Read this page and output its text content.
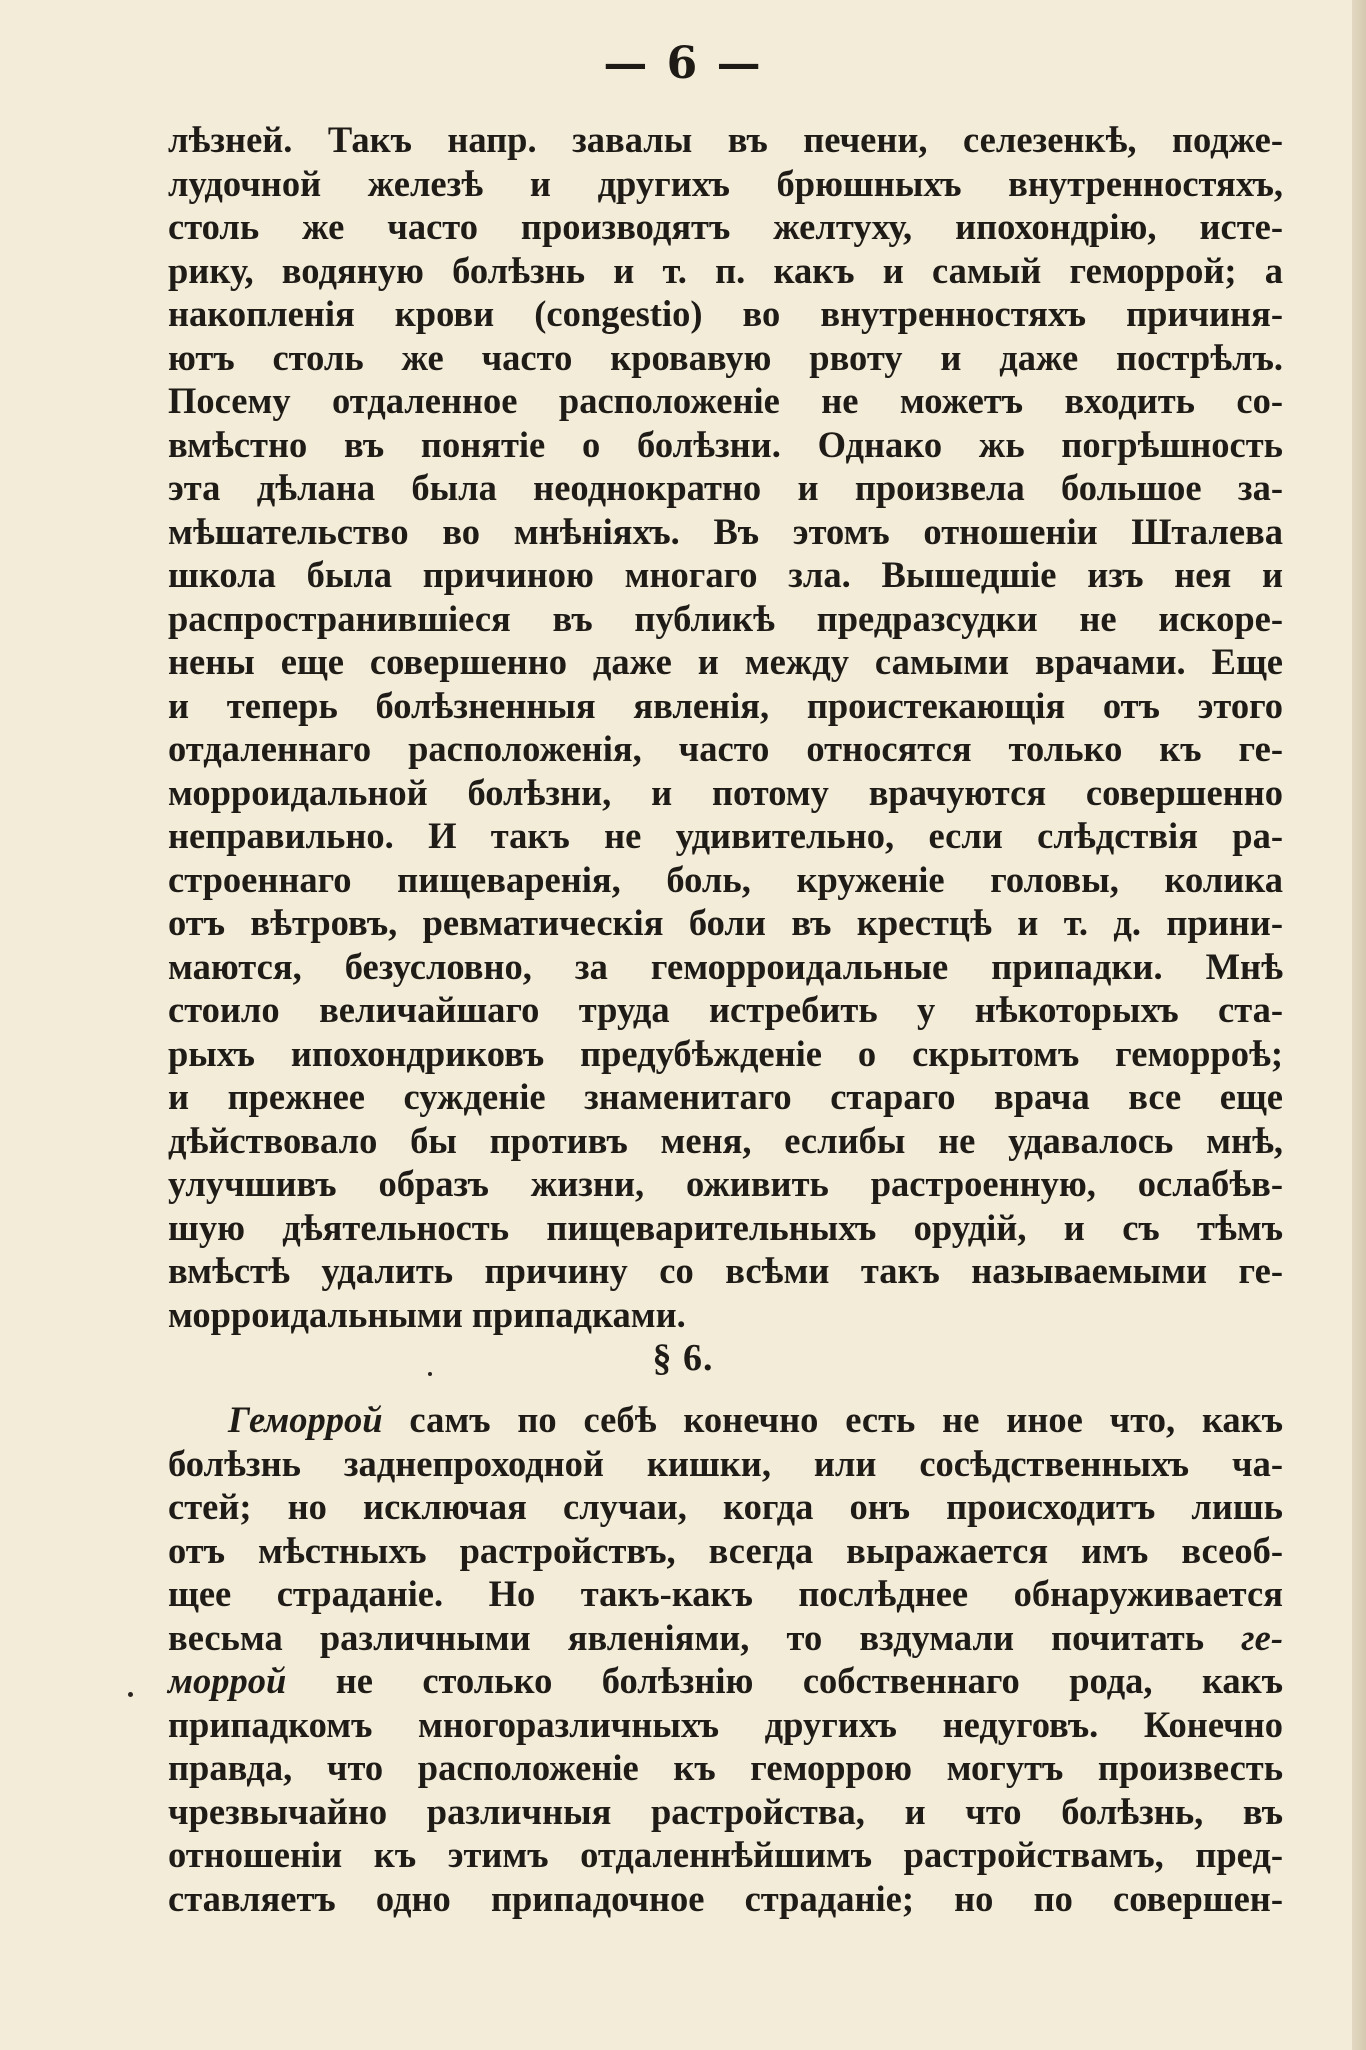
— 6 —
лѣзней. Такъ напр. завалы въ печени, селезенкѣ, подже-
лудочной железѣ и другихъ брюшныхъ внутренностяхъ,
столь же часто производятъ желтуху, ипохондрію, исте-
рику, водяную болѣзнь и т. п. какъ и самый геморрой; а
накопленія крови (congestio) во внутренностяхъ причиня-
ютъ столь же часто кровавую рвоту и даже пострѣлъ.
Посему отдаленное расположеніе не можетъ входить со-
вмѣстно въ понятіе о болѣзни. Однако жь погрѣшность
эта дѣлана была неоднократно и произвела большое за-
мѣшательство во мнѣніяхъ. Въ этомъ отношеніи Шталева
школа была причиною многаго зла. Вышедшіе изъ нея и
распространившіеся въ публикѣ предразсудки не искоре-
нены еще совершенно даже и между самыми врачами. Еще
и теперь болѣзненныя явленія, проистекающія отъ этого
отдаленнаго расположенія, часто относятся только къ ге-
морроидальной болѣзни, и потому врачуются совершенно
неправильно. И такъ не удивительно, если слѣдствія ра-
строеннаго пищеваренія, боль, круженіе головы, колика
отъ вѣтровъ, ревматическія боли въ крестцѣ и т. д. прини-
маются, безусловно, за геморроидальные припадки. Мнѣ
стоило величайшаго труда истребить у нѣкоторыхъ ста-
рыхъ ипохондриковъ предубѣжденіе о скрытомъ геморроѣ;
и прежнее сужденіе знаменитаго стараго врача все еще
дѣйствовало бы противъ меня, еслибы не удавалось мнѣ,
улучшивъ образъ жизни, оживить растроенную, ослабѣв-
шую дѣятельность пищеварительныхъ орудій, и съ тѣмъ
вмѣстѣ удалить причину со всѣми такъ называемыми ге-
морроидальными припадками.
§ 6.
Геморрой самъ по себѣ конечно есть не иное что, какъ
болѣзнь заднепроходной кишки, или сосѣдственныхъ ча-
стей; но исключая случаи, когда онъ происходитъ лишь
отъ мѣстныхъ растройствъ, всегда выражается имъ всеоб-
щее страданіе. Но такъ-какъ послѣднее обнаруживается
весьма различными явленіями, то вздумали почитать ге-
моррой не столько болѣзнію собственнаго рода, какъ
припадкомъ многоразличныхъ другихъ недуговъ. Конечно
правда, что расположеніе къ геморрою могутъ произвесть
чрезвычайно различныя растройства, и что болѣзнь, въ
отношеніи къ этимъ отдаленнѣйшимъ растройствамъ, пред-
ставляетъ одно припадочное страданіе; но по совершен-
